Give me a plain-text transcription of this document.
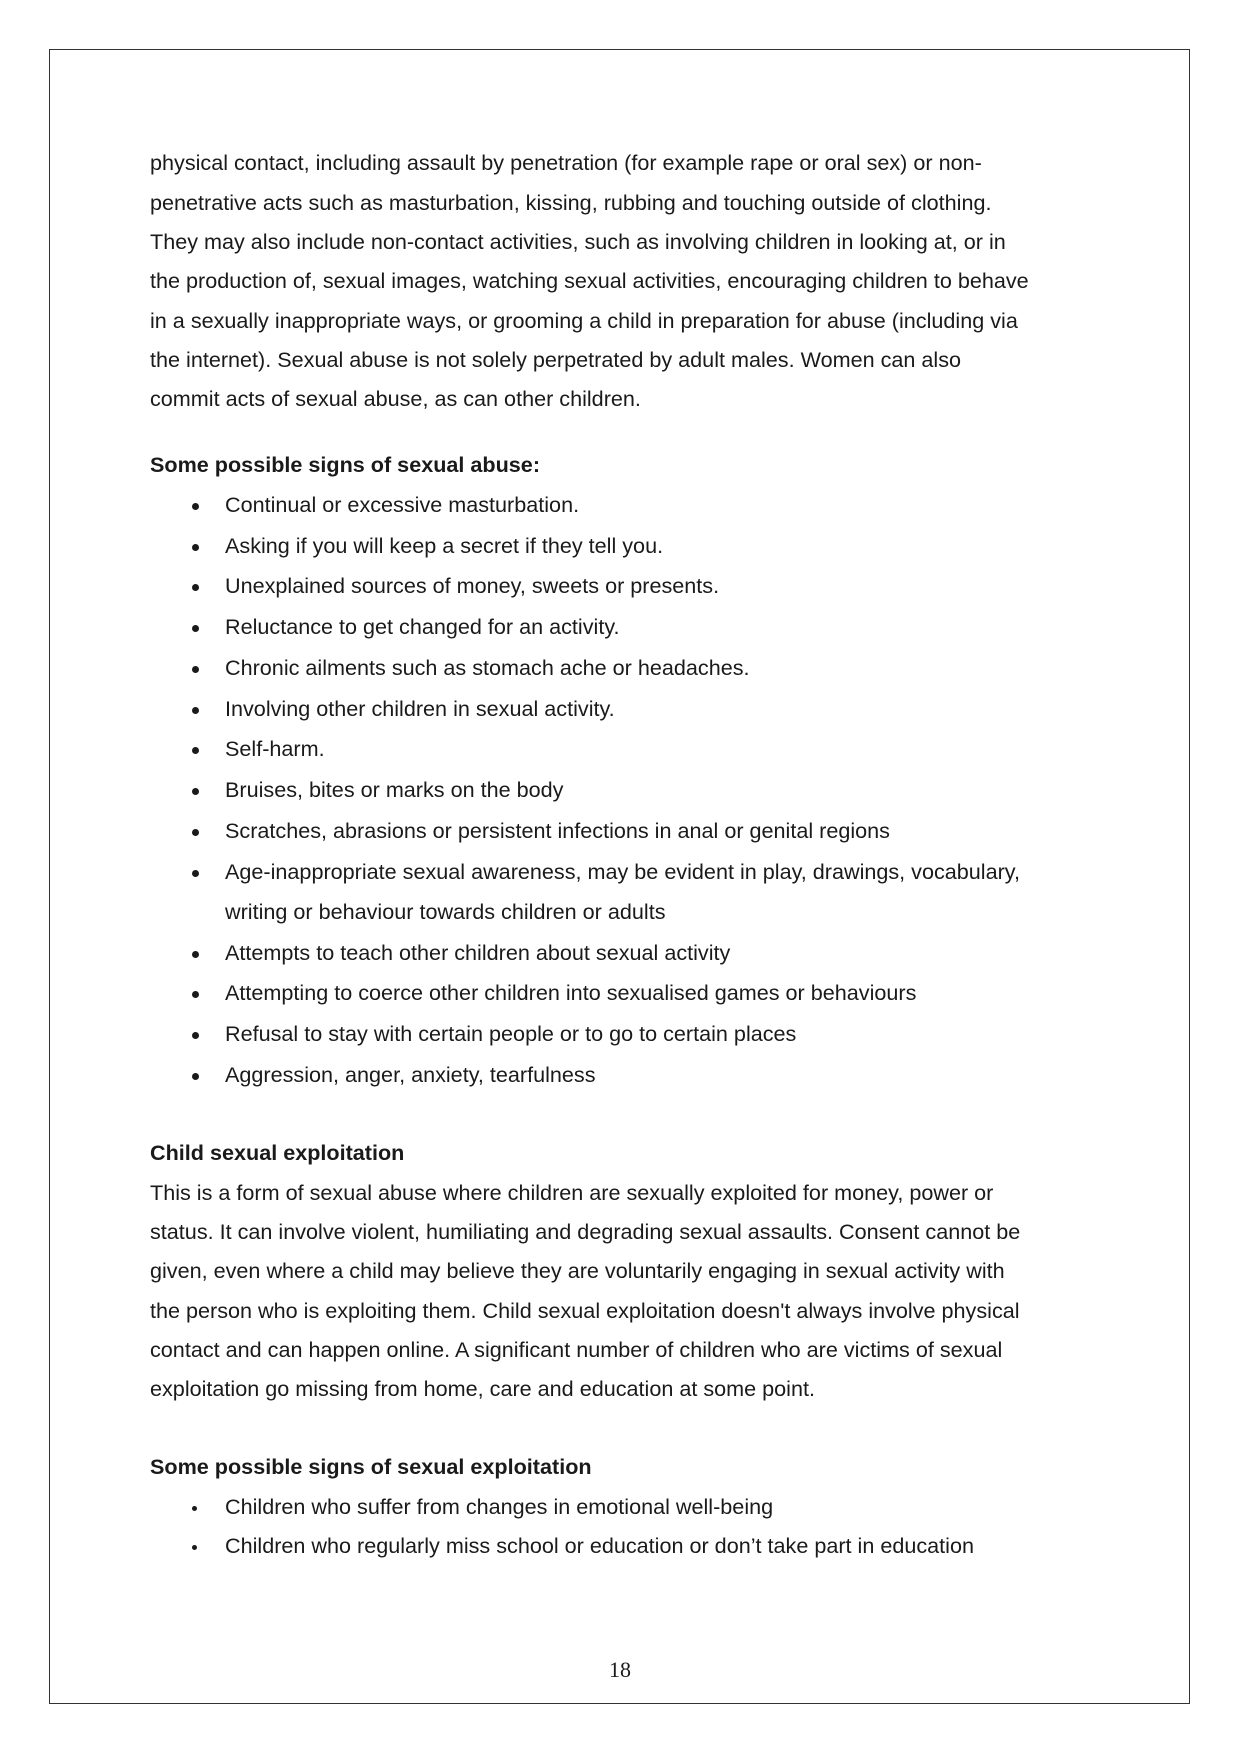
physical contact, including assault by penetration (for example rape or oral sex) or non-

penetrative acts such as masturbation, kissing, rubbing and touching outside of clothing.

They may also include non-contact activities, such as involving children in looking at, or in

the production of, sexual images, watching sexual activities, encouraging children to behave

in a sexually inappropriate ways, or grooming a child in preparation for abuse (including via

the internet). Sexual abuse is not solely perpetrated by adult males. Women can also

commit acts of sexual abuse, as can other children.

Some possible signs of sexual abuse:

Continual or excessive masturbation.

Asking if you will keep a secret if they tell you.

Unexplained sources of money, sweets or presents.

Reluctance to get changed for an activity.

Chronic ailments such as stomach ache or headaches.

Involving other children in sexual activity.

Self-harm.

Bruises, bites or marks on the body

Scratches, abrasions or persistent infections in anal or genital regions

Age-inappropriate sexual awareness, may be evident in play, drawings, vocabulary,

writing or behaviour towards children or adults

Attempts to teach other children about sexual activity

Attempting to coerce other children into sexualised games or behaviours

Refusal to stay with certain people or to go to certain places

Aggression, anger, anxiety, tearfulness

Child sexual exploitation

This is a form of sexual abuse where children are sexually exploited for money, power or

status. It can involve violent, humiliating and degrading sexual assaults. Consent cannot be

given, even where a child may believe they are voluntarily engaging in sexual activity with

the person who is exploiting them. Child sexual exploitation doesn't always involve physical

contact and can happen online. A significant number of children who are victims of sexual

exploitation go missing from home, care and education at some point.

Some possible signs of sexual exploitation

Children who suffer from changes in emotional well-being

Children who regularly miss school or education or don’t take part in education

18
